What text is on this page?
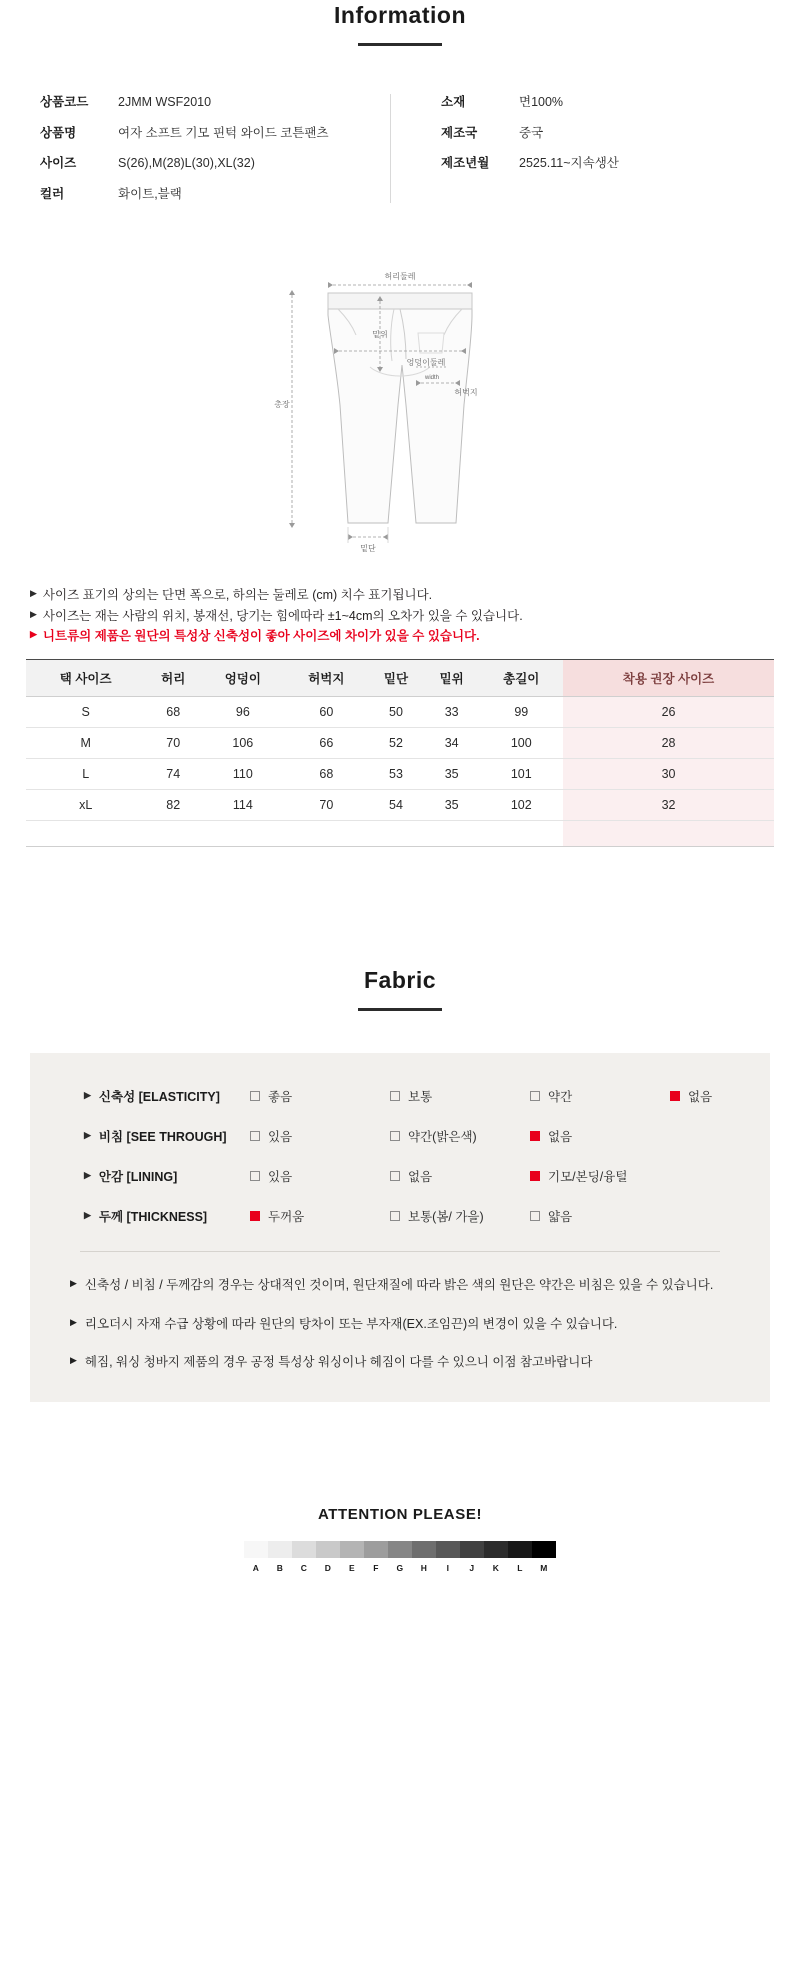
Information
상품코드	2JMM WSF2010
상품명	여자 소프트 기모 핀턱 와이드 코튼팬츠
사이즈	S(26),M(28)L(30),XL(32)
컬러	화이트,블랙
소재	면100%
제조국	중국
제조년월	2525.11~지속생산
허리둘레
총장
밑위
엉덩이둘레
width
허벅지
밑단
▶ 사이즈 표기의 상의는 단면 폭으로, 하의는 둘레로 (cm) 치수 표기됩니다.
▶ 사이즈는 재는 사람의 위치, 봉재선, 당기는 힘에따라 ±1~4cm의 오차가 있을 수 있습니다.
▶ 니트류의 제품은 원단의 특성상 신축성이 좋아 사이즈에 차이가 있을 수 있습니다.
택 사이즈	허리	엉덩이	허벅지	밑단	밑위	총길이	착용 권장 사이즈
S	68	96	60	50	33	99	26
M	70	106	66	52	34	100	28
L	74	110	68	53	35	101	30
xL	82	114	70	54	35	102	32

Fabric
▶ 신축성 [ELASTICITY]	좋음	보통	약간	없음
▶ 비침 [SEE THROUGH]	있음	약간(밝은색)	없음
▶ 안감 [LINING]	있음	없음	기모/본딩/융털
▶ 두께 [THICKNESS]	두꺼움	보통(봄/ 가을)	얇음
▶ 신축성 / 비침 / 두께감의 경우는 상대적인 것이며, 원단재질에 따라 밝은 색의 원단은 약간은 비침은 있을 수 있습니다.
▶ 리오더시 자재 수급 상황에 따라 원단의 탕차이 또는 부자재(EX.조임끈)의 변경이 있을 수 있습니다.
▶ 헤짐, 워싱 청바지 제품의 경우 공정 특성상 워싱이나 헤짐이 다를 수 있으니 이점 참고바랍니다
ATTENTION PLEASE!
A	B	C	D	E	F	G	H	I	J	K	L	M
